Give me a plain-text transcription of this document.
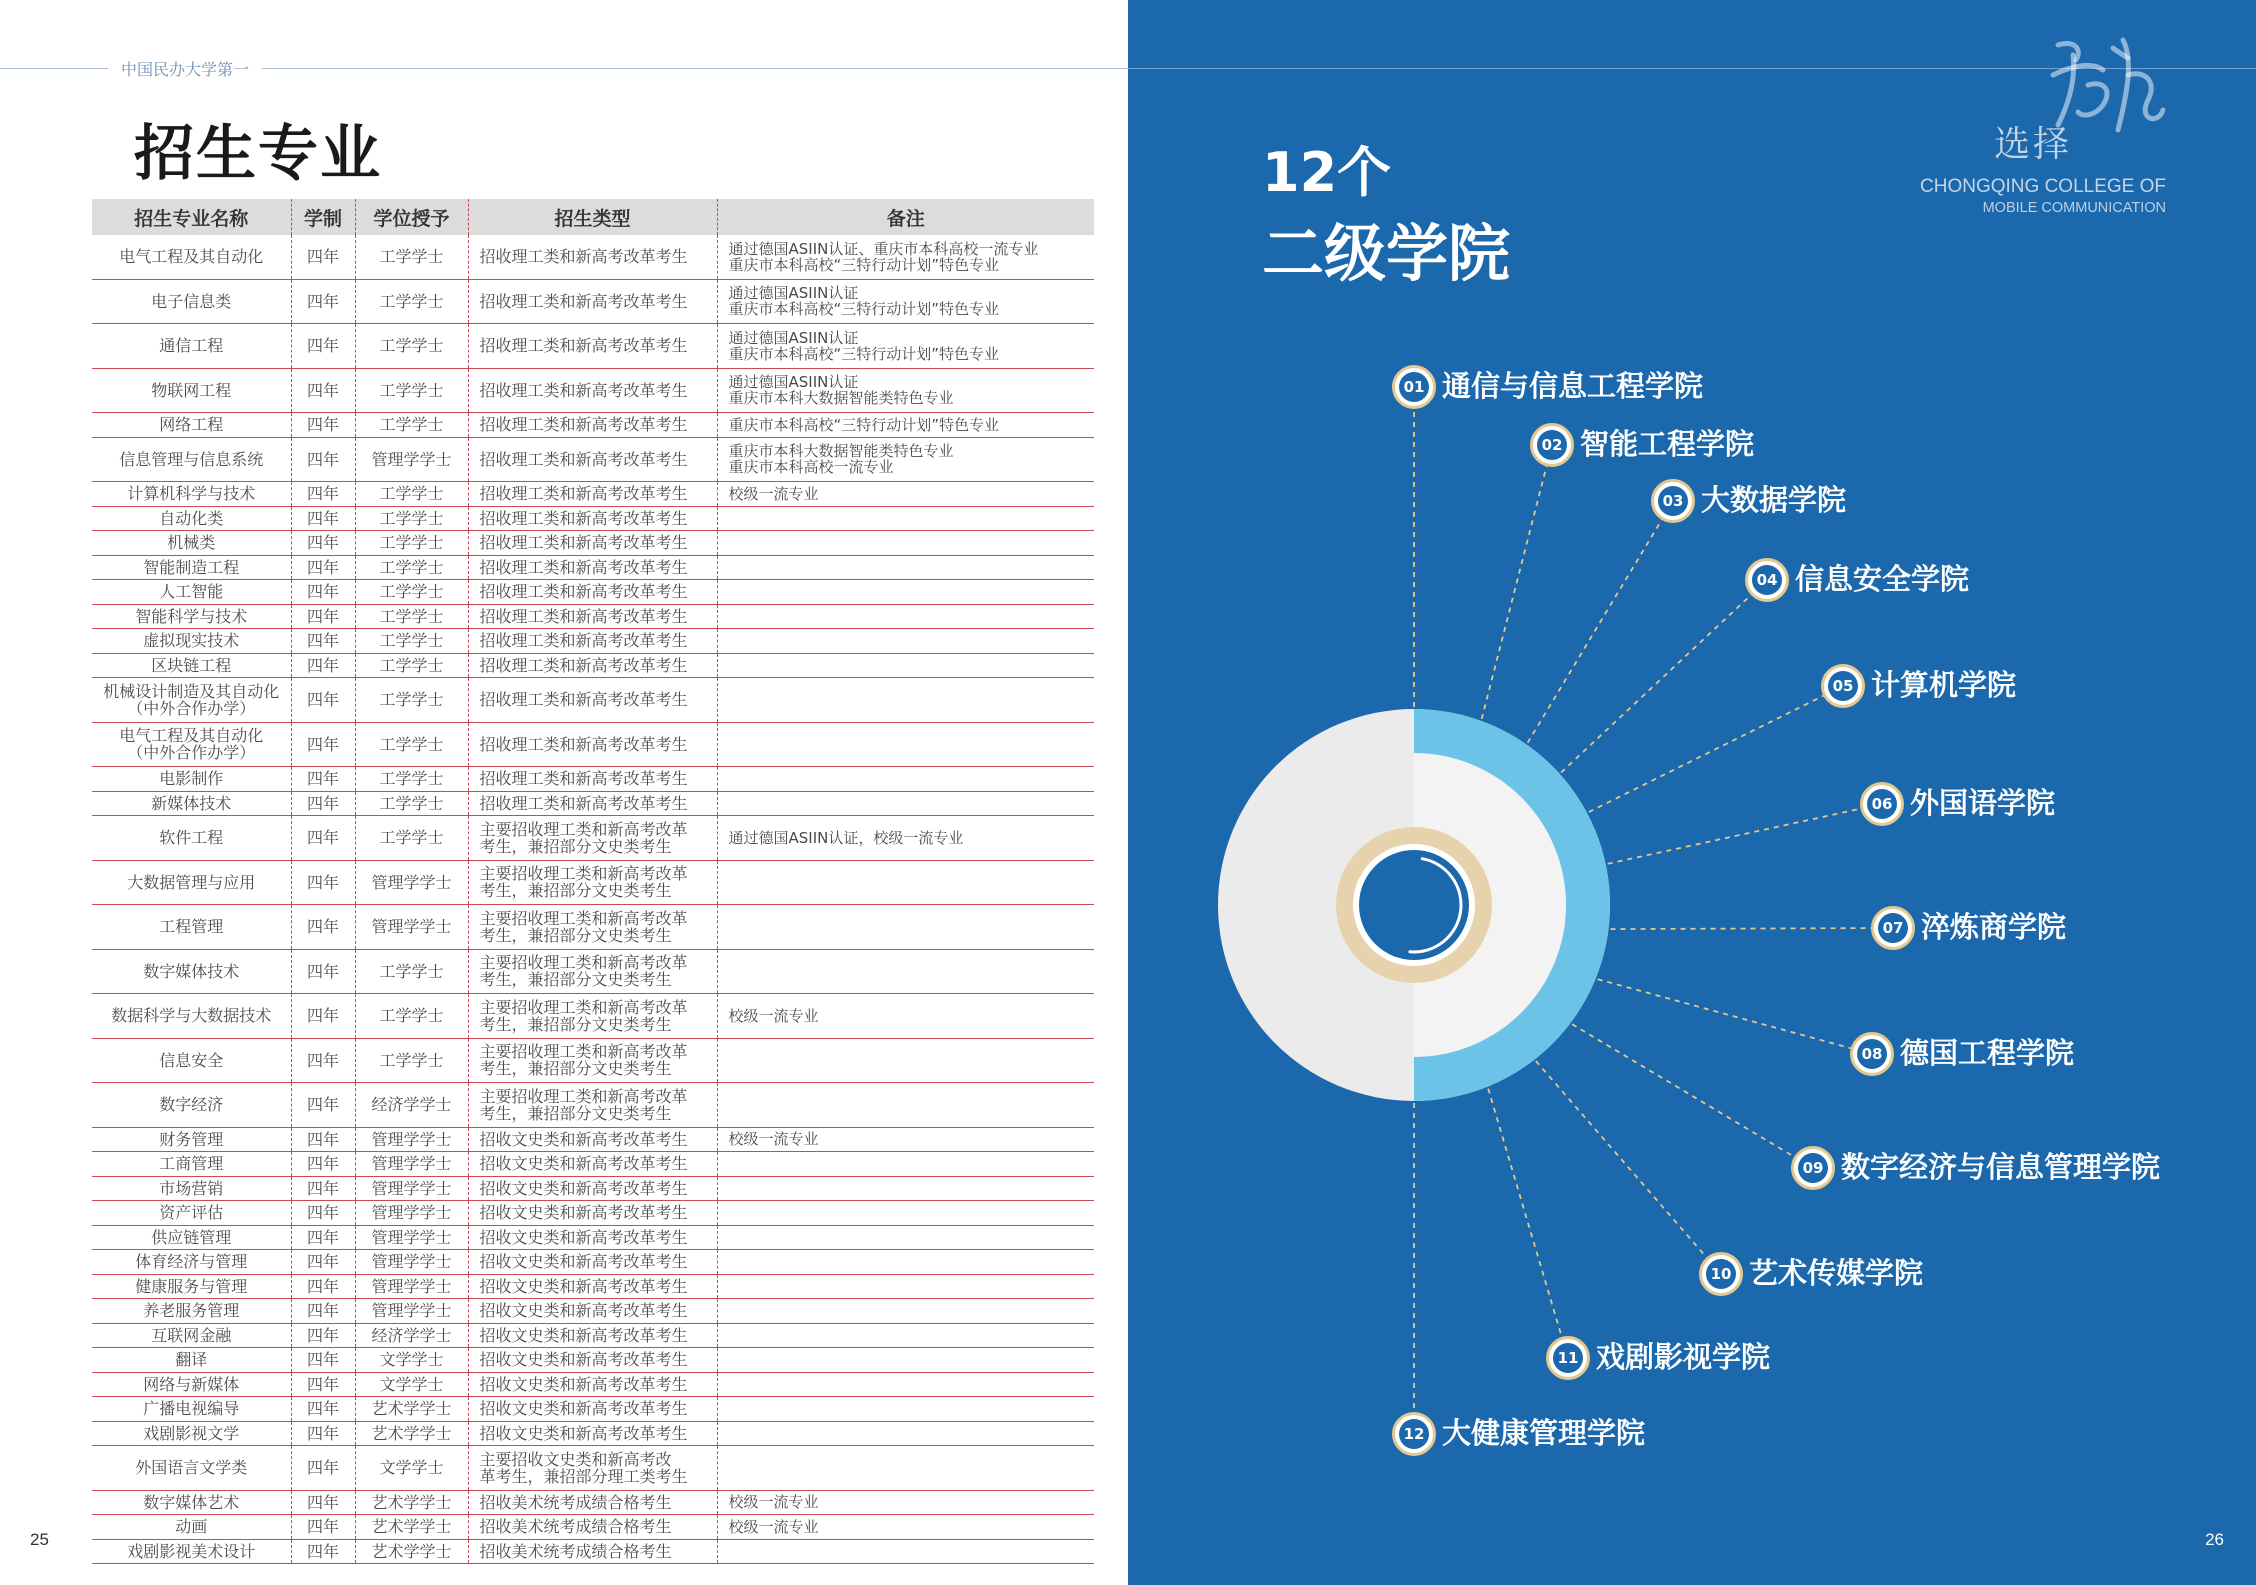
中国民办大学第一
招生专业
招生专业名称	学制	学位授予	招生类型	备注

电气工程及其自动化	四年	工学学士	招收理工类和新高考改革考生	通过德国ASIIN认证、重庆市本科高校一流专业
重庆市本科高校“三特行动计划”特色专业

电子信息类	四年	工学学士	招收理工类和新高考改革考生	通过德国ASIIN认证
重庆市本科高校“三特行动计划”特色专业

通信工程	四年	工学学士	招收理工类和新高考改革考生	通过德国ASIIN认证
重庆市本科高校“三特行动计划”特色专业

物联网工程	四年	工学学士	招收理工类和新高考改革考生	通过德国ASIIN认证
重庆市本科大数据智能类特色专业

网络工程	四年	工学学士	招收理工类和新高考改革考生	重庆市本科高校“三特行动计划”特色专业

信息管理与信息系统	四年	管理学学士	招收理工类和新高考改革考生	重庆市本科大数据智能类特色专业
重庆市本科高校一流专业

计算机科学与技术	四年	工学学士	招收理工类和新高考改革考生	校级一流专业

自动化类	四年	工学学士	招收理工类和新高考改革考生	

机械类	四年	工学学士	招收理工类和新高考改革考生	

智能制造工程	四年	工学学士	招收理工类和新高考改革考生	

人工智能	四年	工学学士	招收理工类和新高考改革考生	

智能科学与技术	四年	工学学士	招收理工类和新高考改革考生	

虚拟现实技术	四年	工学学士	招收理工类和新高考改革考生	

区块链工程	四年	工学学士	招收理工类和新高考改革考生	

机械设计制造及其自动化
（中外合作办学）	四年	工学学士	招收理工类和新高考改革考生	

电气工程及其自动化
（中外合作办学）	四年	工学学士	招收理工类和新高考改革考生	

电影制作	四年	工学学士	招收理工类和新高考改革考生	

新媒体技术	四年	工学学士	招收理工类和新高考改革考生	

软件工程	四年	工学学士	主要招收理工类和新高考改革
考生，兼招部分文史类考生	通过德国ASIIN认证，校级一流专业

大数据管理与应用	四年	管理学学士	主要招收理工类和新高考改革
考生，兼招部分文史类考生	

工程管理	四年	管理学学士	主要招收理工类和新高考改革
考生，兼招部分文史类考生	

数字媒体技术	四年	工学学士	主要招收理工类和新高考改革
考生，兼招部分文史类考生	

数据科学与大数据技术	四年	工学学士	主要招收理工类和新高考改革
考生，兼招部分文史类考生	校级一流专业

信息安全	四年	工学学士	主要招收理工类和新高考改革
考生，兼招部分文史类考生	

数字经济	四年	经济学学士	主要招收理工类和新高考改革
考生，兼招部分文史类考生	

财务管理	四年	管理学学士	招收文史类和新高考改革考生	校级一流专业

工商管理	四年	管理学学士	招收文史类和新高考改革考生	

市场营销	四年	管理学学士	招收文史类和新高考改革考生	

资产评估	四年	管理学学士	招收文史类和新高考改革考生	

供应链管理	四年	管理学学士	招收文史类和新高考改革考生	

体育经济与管理	四年	管理学学士	招收文史类和新高考改革考生	

健康服务与管理	四年	管理学学士	招收文史类和新高考改革考生	

养老服务管理	四年	管理学学士	招收文史类和新高考改革考生	

互联网金融	四年	经济学学士	招收文史类和新高考改革考生	

翻译	四年	文学学士	招收文史类和新高考改革考生	

网络与新媒体	四年	文学学士	招收文史类和新高考改革考生	

广播电视编导	四年	艺术学学士	招收文史类和新高考改革考生	

戏剧影视文学	四年	艺术学学士	招收文史类和新高考改革考生	

外国语言文学类	四年	文学学士	主要招收文史类和新高考改
革考生，兼招部分理工类考生	

数字媒体艺术	四年	艺术学学士	招收美术统考成绩合格考生	校级一流专业

动画	四年	艺术学学士	招收美术统考成绩合格考生	校级一流专业

戏剧影视美术设计	四年	艺术学学士	招收美术统考成绩合格考生	

25
选择
CHONGQING COLLEGE OF
MOBILE COMMUNICATION
12个
二级学院
01 通信与信息工程学院
02 智能工程学院
03 大数据学院
04 信息安全学院
05 计算机学院
06 外国语学院
07 淬炼商学院
08 德国工程学院
09 数字经济与信息管理学院
10 艺术传媒学院
11 戏剧影视学院
12 大健康管理学院
26
